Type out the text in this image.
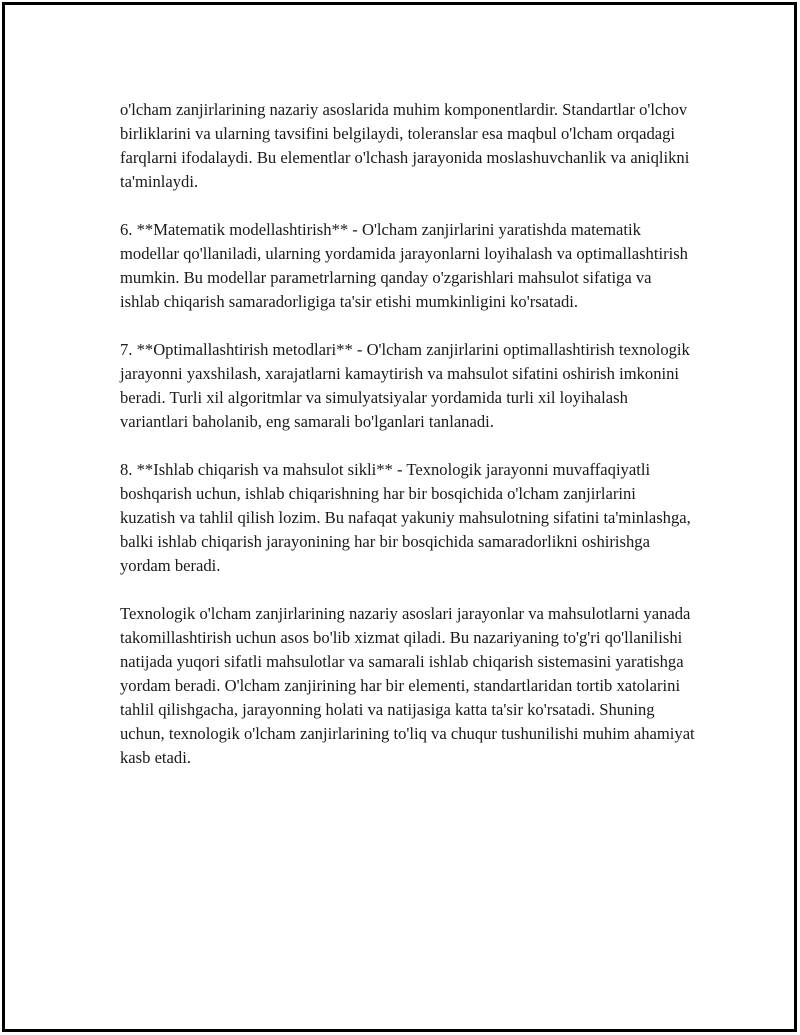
o'lcham zanjirlarining nazariy asoslarida muhim komponentlardir. Standartlar o'lchov birliklarini va ularning tavsifini belgilaydi, toleranslar esa maqbul o'lcham orqadagi farqlarni ifodalaydi. Bu elementlar o'lchash jarayonida moslashuvchanlik va aniqlikni ta'minlaydi.

6. **Matematik modellashtirish** - O'lcham zanjirlarini yaratishda matematik modellar qo'llaniladi, ularning yordamida jarayonlarni loyihalash va optimallashtirish mumkin. Bu modellar parametrlarning qanday o'zgarishlari mahsulot sifatiga va ishlab chiqarish samaradorligiga ta'sir etishi mumkinligini ko'rsatadi.

7. **Optimallashtirish metodlari** - O'lcham zanjirlarini optimallashtirish texnologik jarayonni yaxshilash, xarajatlarni kamaytirish va mahsulot sifatini oshirish imkonini beradi. Turli xil algoritmlar va simulyatsiyalar yordamida turli xil loyihalash variantlari baholanib, eng samarali bo'lganlari tanlanadi.

8. **Ishlab chiqarish va mahsulot sikli** - Texnologik jarayonni muvaffaqiyatli boshqarish uchun, ishlab chiqarishning har bir bosqichida o'lcham zanjirlarini kuzatish va tahlil qilish lozim. Bu nafaqat yakuniy mahsulotning sifatini ta'minlashga, balki ishlab chiqarish jarayonining har bir bosqichida samaradorlikni oshirishga yordam beradi.

Texnologik o'lcham zanjirlarining nazariy asoslari jarayonlar va mahsulotlarni yanada takomillashtirish uchun asos bo'lib xizmat qiladi. Bu nazariyaning to'g'ri qo'llanilishi natijada yuqori sifatli mahsulotlar va samarali ishlab chiqarish sistemasini yaratishga yordam beradi. O'lcham zanjirining har bir elementi, standartlaridan tortib xatolarini tahlil qilishgacha, jarayonning holati va natijasiga katta ta'sir ko'rsatadi. Shuning uchun, texnologik o'lcham zanjirlarining to'liq va chuqur tushunilishi muhim ahamiyat kasb etadi.
